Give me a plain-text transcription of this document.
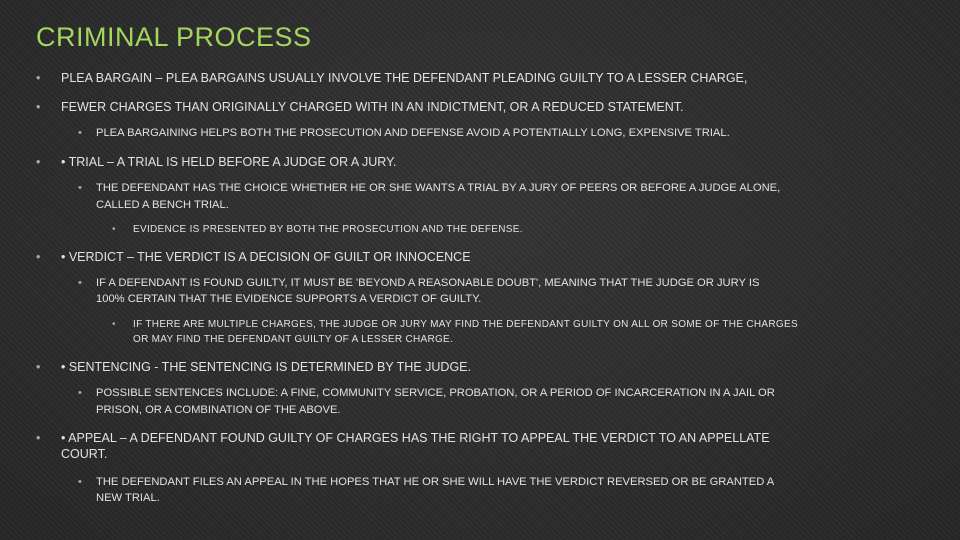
CRIMINAL PROCESS
• PLEA BARGAIN – PLEA BARGAINS USUALLY INVOLVE THE DEFENDANT PLEADING GUILTY TO A LESSER CHARGE,
• FEWER CHARGES THAN ORIGINALLY CHARGED WITH IN AN INDICTMENT, OR A REDUCED STATEMENT.
• PLEA BARGAINING HELPS BOTH THE PROSECUTION AND DEFENSE AVOID A POTENTIALLY LONG, EXPENSIVE TRIAL.
• • TRIAL – A TRIAL IS HELD BEFORE A JUDGE OR A JURY.
• THE DEFENDANT HAS THE CHOICE WHETHER HE OR SHE WANTS A TRIAL BY A JURY OF PEERS OR BEFORE A JUDGE ALONE,
CALLED A BENCH TRIAL.
• EVIDENCE IS PRESENTED BY BOTH THE PROSECUTION AND THE DEFENSE.
• • VERDICT – THE VERDICT IS A DECISION OF GUILT OR INNOCENCE
• IF A DEFENDANT IS FOUND GUILTY, IT MUST BE 'BEYOND A REASONABLE DOUBT', MEANING THAT THE JUDGE OR JURY IS
100% CERTAIN THAT THE EVIDENCE SUPPORTS A VERDICT OF GUILTY.
• IF THERE ARE MULTIPLE CHARGES, THE JUDGE OR JURY MAY FIND THE DEFENDANT GUILTY ON ALL OR SOME OF THE CHARGES
OR MAY FIND THE DEFENDANT GUILTY OF A LESSER CHARGE.
• • SENTENCING - THE SENTENCING IS DETERMINED BY THE JUDGE.
• POSSIBLE SENTENCES INCLUDE: A FINE, COMMUNITY SERVICE, PROBATION, OR A PERIOD OF INCARCERATION IN A JAIL OR
PRISON, OR A COMBINATION OF THE ABOVE.
• • APPEAL – A DEFENDANT FOUND GUILTY OF CHARGES HAS THE RIGHT TO APPEAL THE VERDICT TO AN APPELLATE
COURT.
• THE DEFENDANT FILES AN APPEAL IN THE HOPES THAT HE OR SHE WILL HAVE THE VERDICT REVERSED OR BE GRANTED A
NEW TRIAL.
